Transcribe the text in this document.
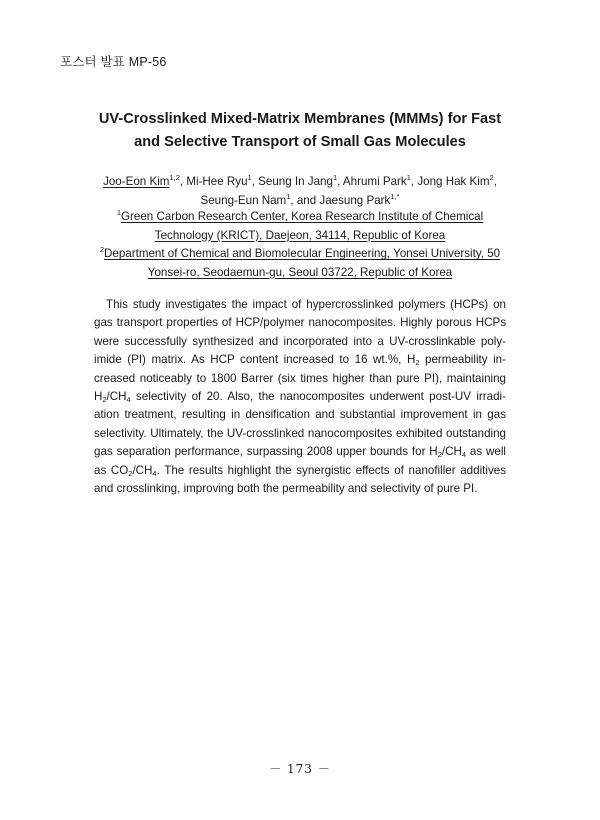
포스터 발표 MP-56
UV-Crosslinked Mixed-Matrix Membranes (MMMs) for Fast
and Selective Transport of Small Gas Molecules
Joo-Eon Kim$^{1,2}$, Mi-Hee Ryu$^1$, Seung In Jang$^1$, Ahrumi Park$^1$, Jong Hak Kim$^2$,
Seung-Eun Nam$^1$, and Jaesung Park$^{1,*}$
$^1$Green Carbon Research Center, Korea Research Institute of Chemical
Technology (KRICT), Daejeon, 34114, Republic of Korea
$^2$Department of Chemical and Biomolecular Engineering, Yonsei University, 50
Yonsei-ro, Seodaemun-gu, Seoul 03722, Republic of Korea

This study investigates the impact of hypercrosslinked polymers (HCPs) on gas transport properties of HCP/polymer nanocomposites. Highly porous HCPs were successfully synthesized and incorporated into a UV-crosslinkable polyimide (PI) matrix. As HCP content increased to 16 wt.%, $H_2$ permeability increased noticeably to 1800 Barrer (six times higher than pure PI), maintaining $H_2/CH_4$ selectivity of 20. Also, the nanocomposites underwent post-UV irradiation treatment, resulting in densification and substantial improvement in gas selectivity. Ultimately, the UV-crosslinked nanocomposites exhibited outstanding gas separation performance, surpassing 2008 upper bounds for $H_2/CH_4$ as well as $CO_2/CH_4$. The results highlight the synergistic effects of nanofiller additives and crosslinking, improving both the permeability and selectivity of pure PI.

－ 173 －
